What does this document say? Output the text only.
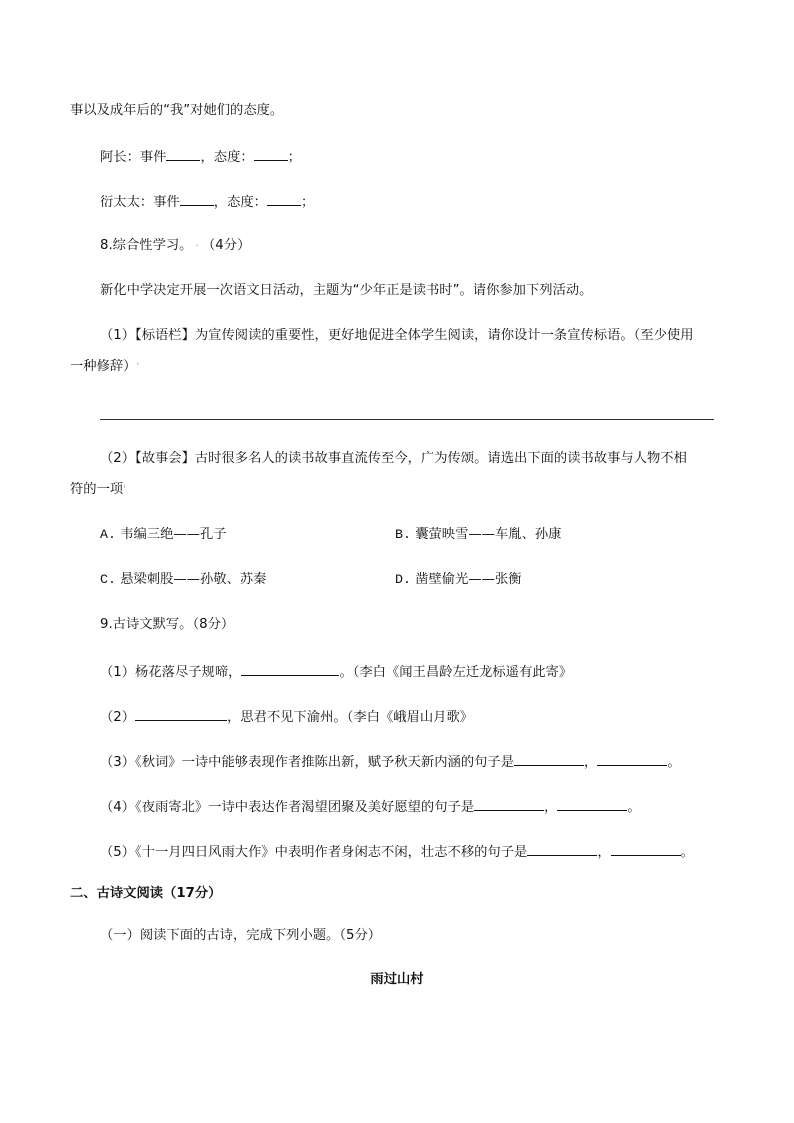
事以及成年后的“我”对她们的态度。
阿长：事件	，态度：	；
衍太太：事件	，态度：	；
8.综合性学习。 · （4分）
新化中学决定开展一次语文日活动，主题为“少年正是读书时”。请你参加下列活动。
（1）【标语栏】为宣传阅读的重要性，更好地促进全体学生阅读，请你设计一条宣传标语。（至少使用
一种修辞）ˈ
（2）【故事会】古时很多名人的读书故事直流传至今，广为传颂。请选出下面的读书故事与人物不相
符的一项ˈ
A. 韦编三绝——孔子	B. 囊萤映雪——车胤、孙康
C. 悬梁刺股——孙敬、苏秦	D. 凿壁偷光——张衡
9.古诗文默写。（8分）
（1）杨花落尽子规啼，	。（李白《闻王昌龄左迁龙标遥有此寄》
（2）	，思君不见下渝州。（李白《峨眉山月歌》
（3）《秋词》一诗中能够表现作者推陈出新，赋予秋天新内涵的句子是	，	。
（4）《夜雨寄北》一诗中表达作者渴望团聚及美好愿望的句子是	，	。
（5）《十一月四日风雨大作》中表明作者身闲志不闲，壮志不移的句子是	，	。
二、古诗文阅读（17分）
（一）阅读下面的古诗，完成下列小题。（5分）
雨过山村
